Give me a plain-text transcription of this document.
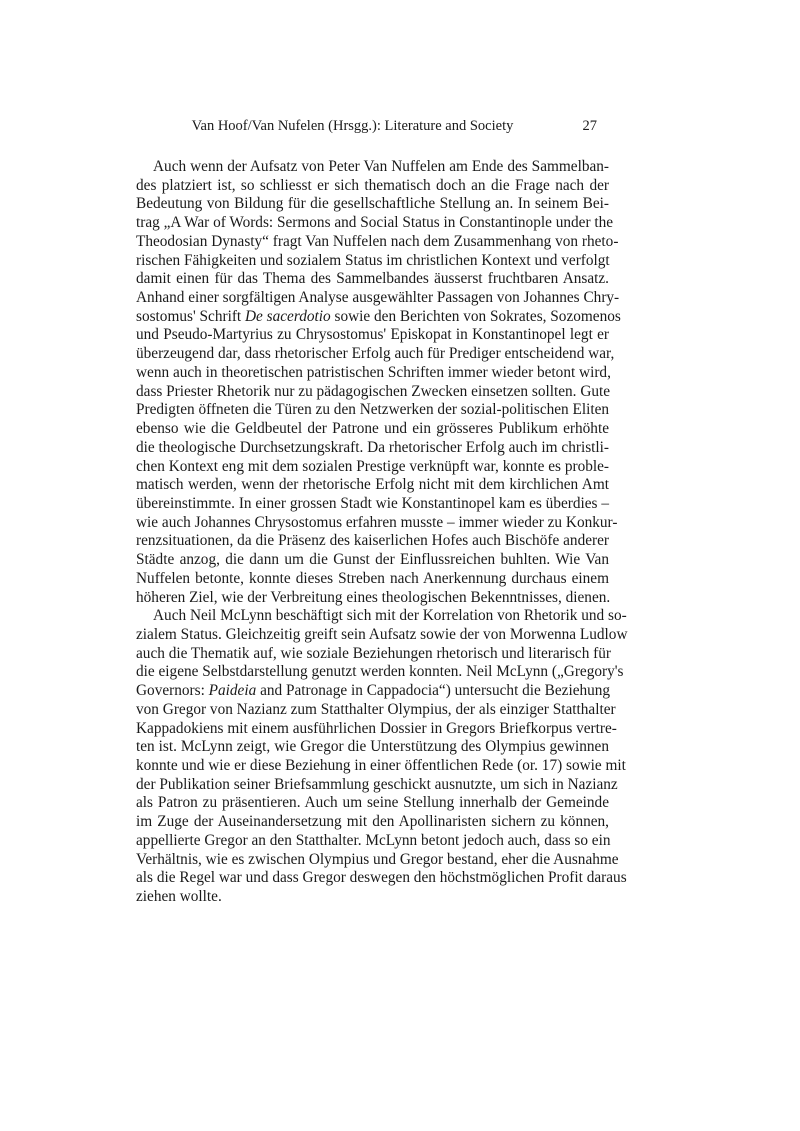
Van Hoof/Van Nufelen (Hrsgg.): Literature and Society	27
Auch wenn der Aufsatz von Peter Van Nuffelen am Ende des Sammelban-
des platziert ist, so schliesst er sich thematisch doch an die Frage nach der
Bedeutung von Bildung für die gesellschaftliche Stellung an. In seinem Bei-
trag „A War of Words: Sermons and Social Status in Constantinople under the
Theodosian Dynasty“ fragt Van Nuffelen nach dem Zusammenhang von rheto-
rischen Fähigkeiten und sozialem Status im christlichen Kontext und verfolgt
damit einen für das Thema des Sammelbandes äusserst fruchtbaren Ansatz.
Anhand einer sorgfältigen Analyse ausgewählter Passagen von Johannes Chry-
sostomus' Schrift De sacerdotio sowie den Berichten von Sokrates, Sozomenos
und Pseudo-Martyrius zu Chrysostomus' Episkopat in Konstantinopel legt er
überzeugend dar, dass rhetorischer Erfolg auch für Prediger entscheidend war,
wenn auch in theoretischen patristischen Schriften immer wieder betont wird,
dass Priester Rhetorik nur zu pädagogischen Zwecken einsetzen sollten. Gute
Predigten öffneten die Türen zu den Netzwerken der sozial-politischen Eliten
ebenso wie die Geldbeutel der Patrone und ein grösseres Publikum erhöhte
die theologische Durchsetzungskraft. Da rhetorischer Erfolg auch im christli-
chen Kontext eng mit dem sozialen Prestige verknüpft war, konnte es proble-
matisch werden, wenn der rhetorische Erfolg nicht mit dem kirchlichen Amt
übereinstimmte. In einer grossen Stadt wie Konstantinopel kam es überdies –
wie auch Johannes Chrysostomus erfahren musste – immer wieder zu Konkur-
renzsituationen, da die Präsenz des kaiserlichen Hofes auch Bischöfe anderer
Städte anzog, die dann um die Gunst der Einflussreichen buhlten. Wie Van
Nuffelen betonte, konnte dieses Streben nach Anerkennung durchaus einem
höheren Ziel, wie der Verbreitung eines theologischen Bekenntnisses, dienen.
Auch Neil McLynn beschäftigt sich mit der Korrelation von Rhetorik und so-
zialem Status. Gleichzeitig greift sein Aufsatz sowie der von Morwenna Ludlow
auch die Thematik auf, wie soziale Beziehungen rhetorisch und literarisch für
die eigene Selbstdarstellung genutzt werden konnten. Neil McLynn („Gregory's
Governors: Paideia and Patronage in Cappadocia“) untersucht die Beziehung
von Gregor von Nazianz zum Statthalter Olympius, der als einziger Statthalter
Kappadokiens mit einem ausführlichen Dossier in Gregors Briefkorpus vertre-
ten ist. McLynn zeigt, wie Gregor die Unterstützung des Olympius gewinnen
konnte und wie er diese Beziehung in einer öffentlichen Rede (or. 17) sowie mit
der Publikation seiner Briefsammlung geschickt ausnutzte, um sich in Nazianz
als Patron zu präsentieren. Auch um seine Stellung innerhalb der Gemeinde
im Zuge der Auseinandersetzung mit den Apollinaristen sichern zu können,
appellierte Gregor an den Statthalter. McLynn betont jedoch auch, dass so ein
Verhältnis, wie es zwischen Olympius und Gregor bestand, eher die Ausnahme
als die Regel war und dass Gregor deswegen den höchstmöglichen Profit daraus
ziehen wollte.
